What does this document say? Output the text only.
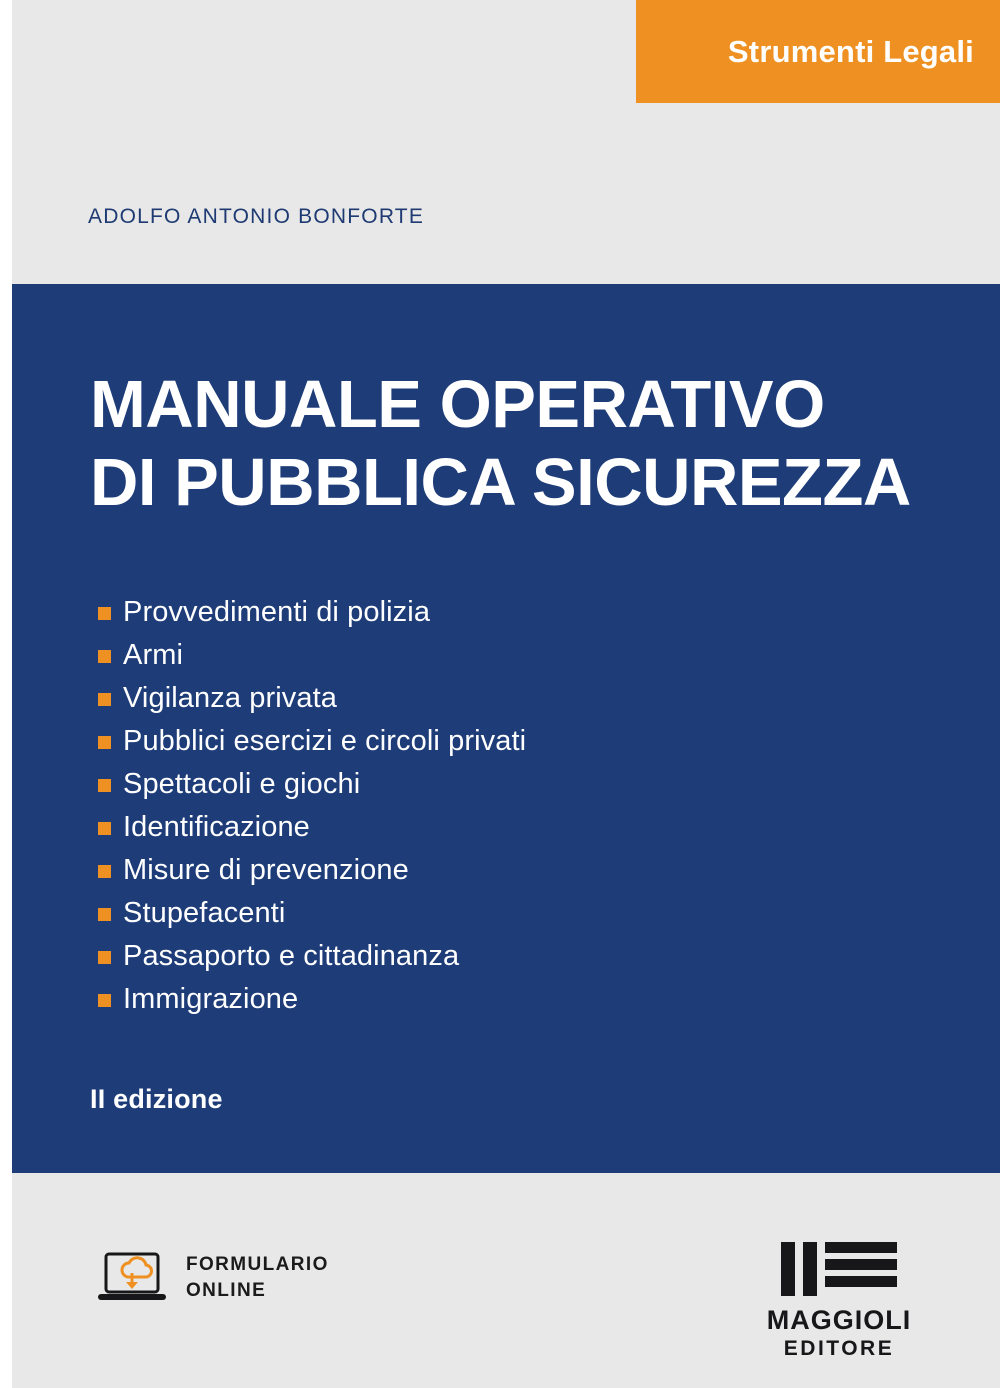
Strumenti Legali
ADOLFO ANTONIO BONFORTE
MANUALE OPERATIVO
DI PUBBLICA SICUREZZA
Provvedimenti di polizia
Armi
Vigilanza privata
Pubblici esercizi e circoli privati
Spettacoli e giochi
Identificazione
Misure di prevenzione
Stupefacenti
Passaporto e cittadinanza
Immigrazione
II edizione
FORMULARIO
ONLINE
MAGGIOLI
EDITORE
